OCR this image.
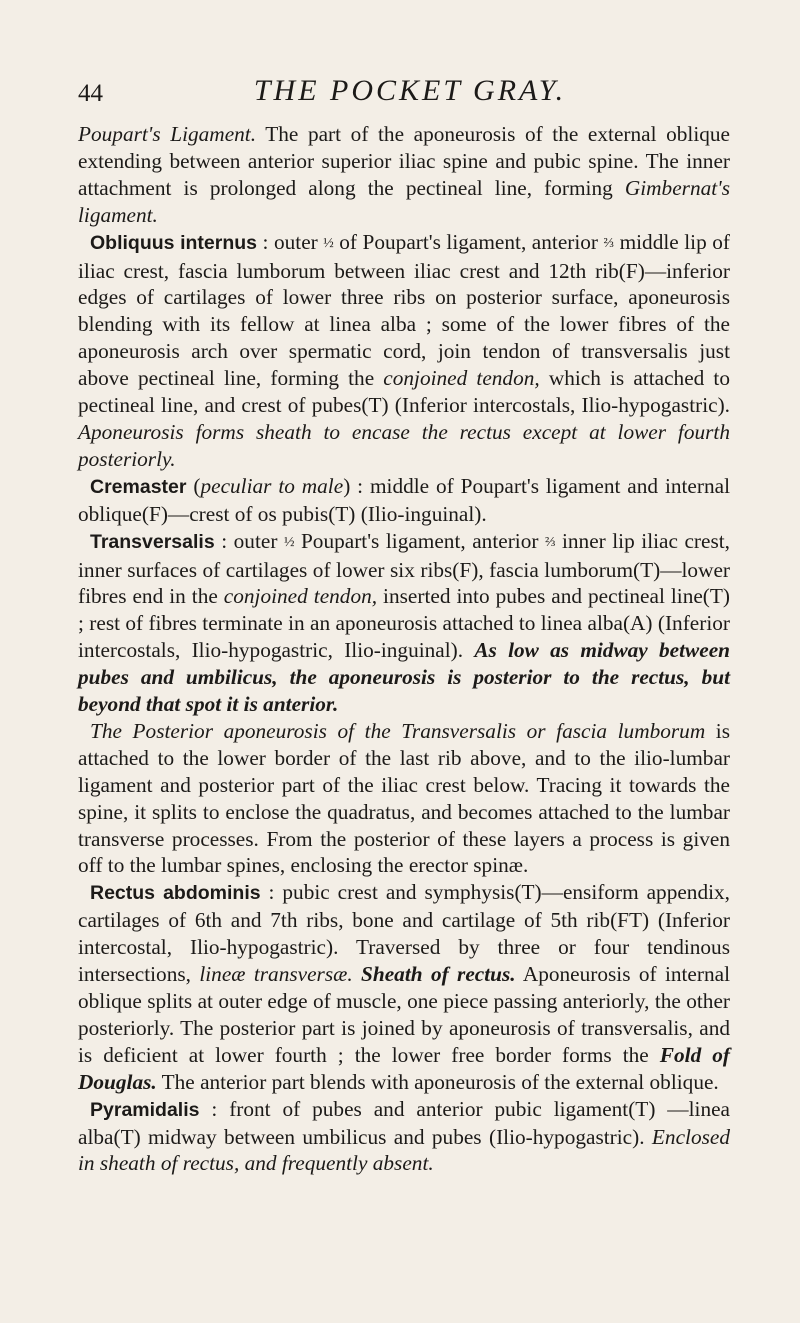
44	THE POCKET GRAY.

Poupart's Ligament. The part of the aponeurosis of the external oblique extending between anterior superior iliac spine and pubic spine. The inner attachment is prolonged along the pectineal line, forming Gimbernat's ligament.

Obliquus internus : outer ½ of Poupart's ligament, anterior ⅔ middle lip of iliac crest, fascia lumborum between iliac crest and 12th rib(F)—inferior edges of cartilages of lower three ribs on posterior surface, aponeurosis blending with its fellow at linea alba ; some of the lower fibres of the aponeurosis arch over spermatic cord, join tendon of transversalis just above pectineal line, forming the conjoined tendon, which is attached to pectineal line, and crest of pubes(T) (Inferior intercostals, Ilio-hypogastric). Aponeurosis forms sheath to encase the rectus except at lower fourth posteriorly.

Cremaster (peculiar to male) : middle of Poupart's ligament and internal oblique(F)—crest of os pubis(T) (Ilio-inguinal).

Transversalis : outer ½ Poupart's ligament, anterior ⅔ inner lip iliac crest, inner surfaces of cartilages of lower six ribs(F), fascia lumborum(T)—lower fibres end in the conjoined tendon, inserted into pubes and pectineal line(T) ; rest of fibres terminate in an aponeurosis attached to linea alba(A) (Inferior intercostals, Ilio-hypogastric, Ilio-inguinal). As low as midway between pubes and umbilicus, the aponeurosis is posterior to the rectus, but beyond that spot it is anterior.

The Posterior aponeurosis of the Transversalis or fascia lumborum is attached to the lower border of the last rib above, and to the ilio-lumbar ligament and posterior part of the iliac crest below. Tracing it towards the spine, it splits to enclose the quadratus, and becomes attached to the lumbar transverse processes. From the posterior of these layers a process is given off to the lumbar spines, enclosing the erector spinæ.

Rectus abdominis : pubic crest and symphysis(T)—ensiform appendix, cartilages of 6th and 7th ribs, bone and cartilage of 5th rib(FT) (Inferior intercostal, Ilio-hypogastric). Traversed by three or four tendinous intersections, lineæ transversæ. Sheath of rectus. Aponeurosis of internal oblique splits at outer edge of muscle, one piece passing anteriorly, the other posteriorly. The posterior part is joined by aponeurosis of transversalis, and is deficient at lower fourth ; the lower free border forms the Fold of Douglas. The anterior part blends with aponeurosis of the external oblique.

Pyramidalis : front of pubes and anterior pubic ligament(T) —linea alba(T) midway between umbilicus and pubes (Ilio-hypogastric). Enclosed in sheath of rectus, and frequently absent.
